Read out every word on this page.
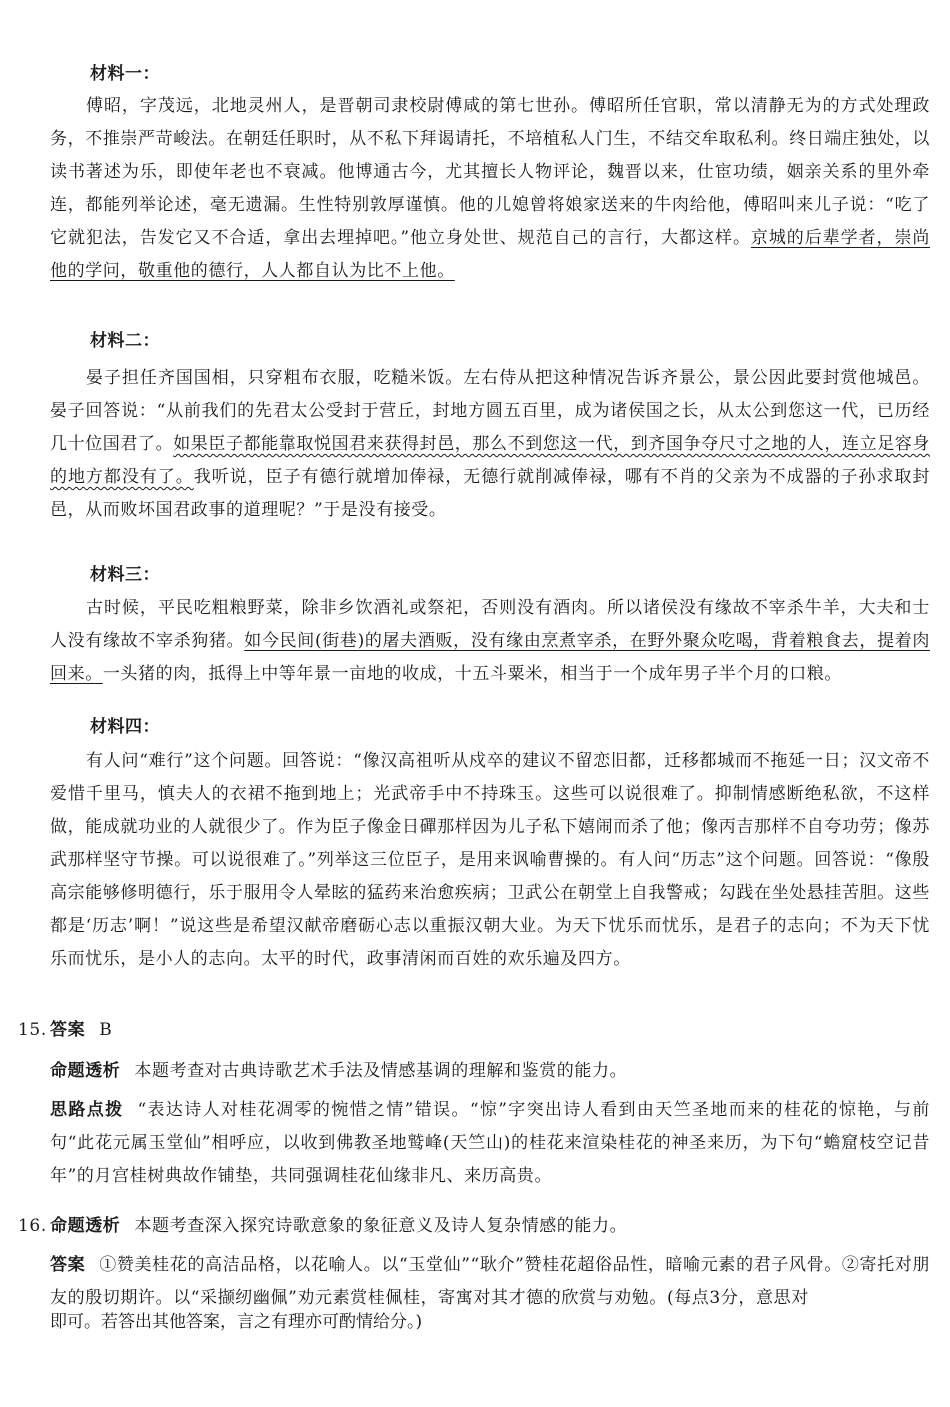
材料一：
傅昭，字茂远，北地灵州人，是晋朝司隶校尉傅咸的第七世孙。傅昭所任官职，常以清静无为的方式处理政务，不推崇严苛峻法。在朝廷任职时，从不私下拜谒请托，不培植私人门生，不结交牟取私利。终日端庄独处，以读书著述为乐，即使年老也不衰减。他博通古今，尤其擅长人物评论，魏晋以来，仕宦功绩，姻亲关系的里外牵连，都能列举论述，毫无遗漏。生性特别敦厚谨慎。他的儿媳曾将娘家送来的牛肉给他，傅昭叫来儿子说：“吃了它就犯法，告发它又不合适，拿出去埋掉吧。”他立身处世、规范自己的言行，大都这样。京城的后辈学者，崇尚他的学问，敬重他的德行，人人都自认为比不上他。
材料二：
晏子担任齐国国相，只穿粗布衣服，吃糙米饭。左右侍从把这种情况告诉齐景公，景公因此要封赏他城邑。晏子回答说：“从前我们的先君太公受封于营丘，封地方圆五百里，成为诸侯国之长，从太公到您这一代，已历经几十位国君了。如果臣子都能靠取悦国君来获得封邑，那么不到您这一代，到齐国争夺尺寸之地的人，连立足容身的地方都没有了。我听说，臣子有德行就增加俸禄，无德行就削减俸禄，哪有不肖的父亲为不成器的子孙求取封邑，从而败坏国君政事的道理呢？”于是没有接受。
材料三：
古时候，平民吃粗粮野菜，除非乡饮酒礼或祭祀，否则没有酒肉。所以诸侯没有缘故不宰杀牛羊，大夫和士人没有缘故不宰杀狗猪。如今民间(街巷)的屠夫酒贩，没有缘由烹煮宰杀，在野外聚众吃喝，背着粮食去，提着肉回来。一头猪的肉，抵得上中等年景一亩地的收成，十五斗粟米，相当于一个成年男子半个月的口粮。
材料四：
有人问“难行”这个问题。回答说：“像汉高祖听从戍卒的建议不留恋旧都，迁移都城而不拖延一日；汉文帝不爱惜千里马，慎夫人的衣裙不拖到地上；光武帝手中不持珠玉。这些可以说很难了。抑制情感断绝私欲，不这样做，能成就功业的人就很少了。作为臣子像金日磾那样因为儿子私下嬉闹而杀了他；像丙吉那样不自夸功劳；像苏武那样坚守节操。可以说很难了。”列举这三位臣子，是用来讽喻曹操的。有人问“历志”这个问题。回答说：“像殷高宗能够修明德行，乐于服用令人晕眩的猛药来治愈疾病；卫武公在朝堂上自我警戒；勾践在坐处悬挂苦胆。这些都是‘历志’啊！”说这些是希望汉献帝磨砺心志以重振汉朝大业。为天下忧乐而忧乐，是君子的志向；不为天下忧乐而忧乐，是小人的志向。太平的时代，政事清闲而百姓的欢乐遍及四方。
15. 答案 B
命题透析 本题考查对古典诗歌艺术手法及情感基调的理解和鉴赏的能力。
思路点拨 “表达诗人对桂花凋零的惋惜之情”错误。“惊”字突出诗人看到由天竺圣地而来的桂花的惊艳，与前句“此花元属玉堂仙”相呼应，以收到佛教圣地鹫峰(天竺山)的桂花来渲染桂花的神圣来历，为下句“蟾窟枝空记昔年”的月宫桂树典故作铺垫，共同强调桂花仙缘非凡、来历高贵。
16. 命题透析 本题考查深入探究诗歌意象的象征意义及诗人复杂情感的能力。
答案 ①赞美桂花的高洁品格，以花喻人。以“玉堂仙”“耿介”赞桂花超俗品性，暗喻元素的君子风骨。②寄托对朋友的殷切期许。以“采撷纫幽佩”劝元素赏桂佩桂，寄寓对其才德的欣赏与劝勉。(每点3分，意思对
即可。若答出其他答案，言之有理亦可酌情给分。)
